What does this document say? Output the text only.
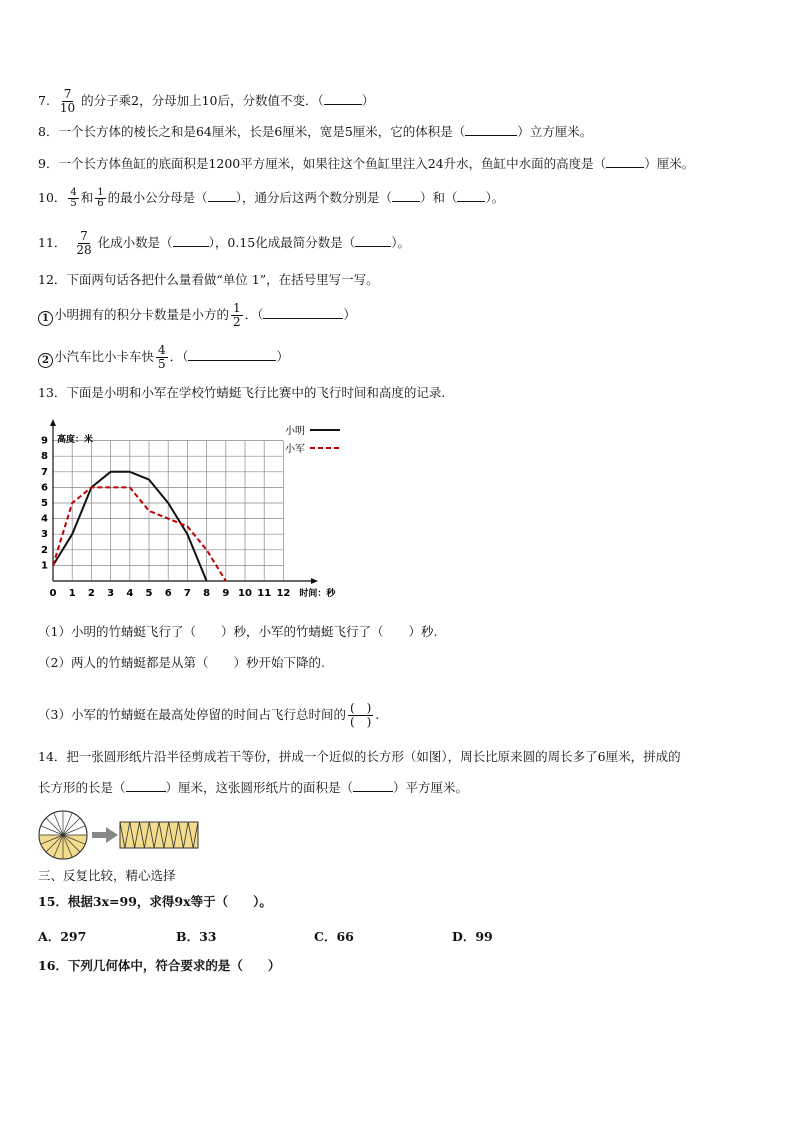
7. $\frac{7}{10}$ 的分子乘2，分母加上10后，分数值不变．（	）
8．一个长方体的棱长之和是64厘米，长是6厘米，宽是5厘米，它的体积是（	）立方厘米。
9．一个长方体鱼缸的底面积是1200平方厘米，如果往这个鱼缸里注入24升水，鱼缸中水面的高度是（	）厘米。
10． $\frac{4}{5}$ 和 $\frac{1}{6}$ 的最小公分母是（ ），通分后这两个数分别是（ ）和（ ）。
11． $\frac{7}{28}$ 化成小数是（	），0.15化成最简分数是（	）。
12．下面两句话各把什么量看做“单位 1”，在括号里写一写。
1 小明拥有的积分卡数量是小方的 $\frac{1}{2}$ ．（	）
2 小汽车比小卡车快 $\frac{4}{5}$ ．（	）
13．下面是小明和小军在学校竹蜻蜓飞行比赛中的飞行时间和高度的记录.
0 1 2 3 4 5 6 7 8 9 10 11 12
1
2
3
4
5
6
7
8
9 高度：米
时间：秒
小明
小军
（1）小明的竹蜻蜓飞行了（　　）秒，小军的竹蜻蜓飞行了（　　）秒.
（2）两人的竹蜻蜓都是从第（　　）秒开始下降的.
（3）小军的竹蜻蜓在最高处停留的时间占飞行总时间的 $\frac{( )}{( )}$ .
14．把一张圆形纸片沿半径剪成若干等份，拼成一个近似的长方形（如图），周长比原来圆的周长多了6厘米，拼成的
长方形的长是（	）厘米，这张圆形纸片的面积是（	）平方厘米。
三、反复比较，精心选择
15．根据3x=99，求得9x等于（　　）。
A．297	B．33	C．66	D．99
16．下列几何体中，符合要求的是（　　）
